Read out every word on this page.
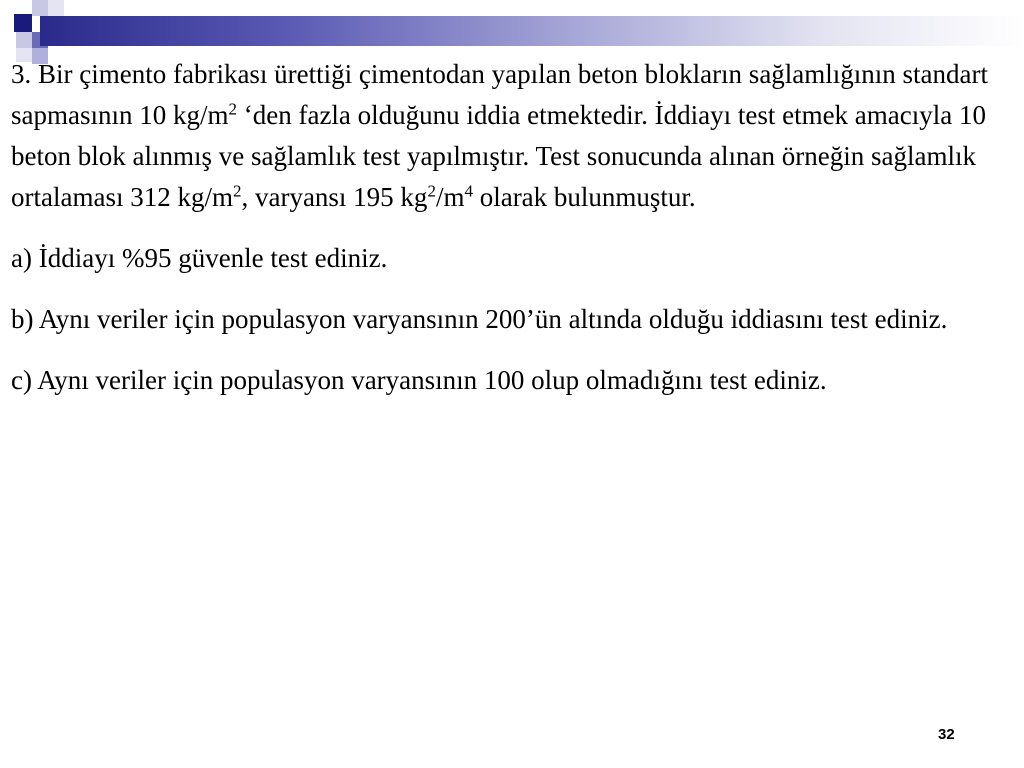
3. Bir çimento fabrikası ürettiği çimentodan yapılan beton blokların sağlamlığının standart sapmasının 10 $kg/m^2$ ‘den fazla olduğunu iddia etmektedir. İddiayı test etmek amacıyla 10 beton blok alınmış ve sağlamlık test yapılmıştır. Test sonucunda alınan örneğin sağlamlık ortalaması 312 $kg/m^2$, varyansı 195 $kg^2/m^4$ olarak bulunmuştur.

a) İddiayı %95 güvenle test ediniz.

b) Aynı veriler için populasyon varyansının 200’ün altında olduğu iddiasını test ediniz.

c) Aynı veriler için populasyon varyansının 100 olup olmadığını test ediniz.

32
